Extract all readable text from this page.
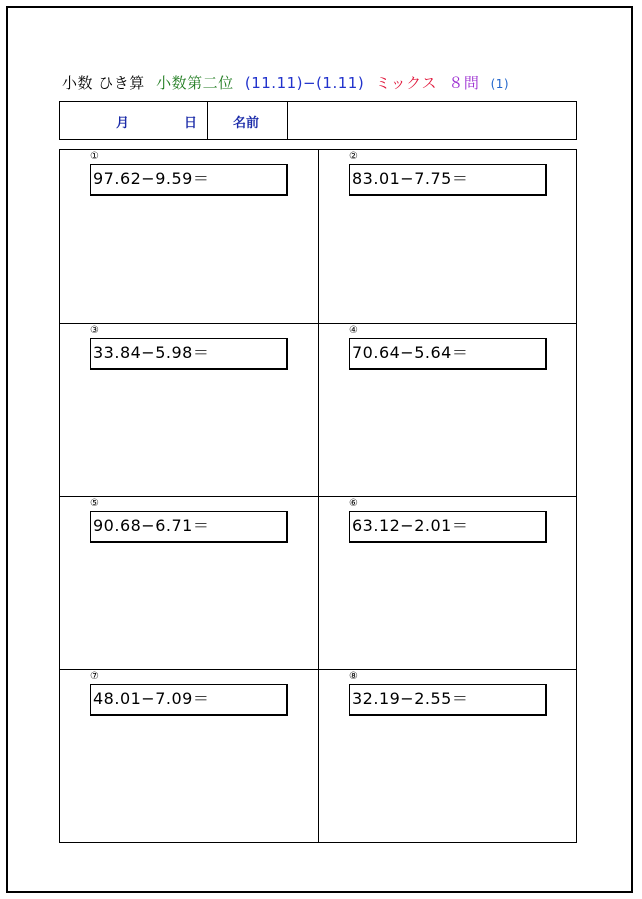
小数 ひき算 小数第二位 (11.11)−(1.11) ミックス ８問 (1)
月	日	名前
①
97.62−9.59＝
②
83.01−7.75＝
③
33.84−5.98＝
④
70.64−5.64＝
⑤
90.68−6.71＝
⑥
63.12−2.01＝
⑦
48.01−7.09＝
⑧
32.19−2.55＝
